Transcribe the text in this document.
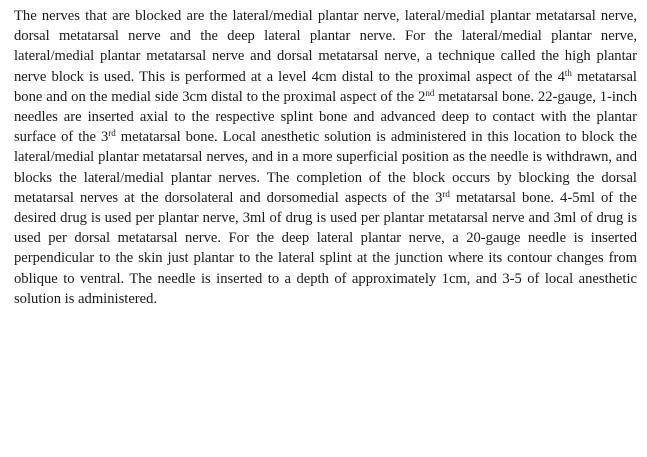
The nerves that are blocked are the lateral/medial plantar nerve, lateral/medial plantar metatarsal nerve, dorsal metatarsal nerve and the deep lateral plantar nerve. For the lateral/medial plantar nerve, lateral/medial plantar metatarsal nerve and dorsal metatarsal nerve, a technique called the high plantar nerve block is used. This is performed at a level 4cm distal to the proximal aspect of the 4th metatarsal bone and on the medial side 3cm distal to the proximal aspect of the 2nd metatarsal bone. 22-gauge, 1-inch needles are inserted axial to the respective splint bone and advanced deep to contact with the plantar surface of the 3rd metatarsal bone. Local anesthetic solution is administered in this location to block the lateral/medial plantar metatarsal nerves, and in a more superficial position as the needle is withdrawn, and blocks the lateral/medial plantar nerves. The completion of the block occurs by blocking the dorsal metatarsal nerves at the dorsolateral and dorsomedial aspects of the 3rd metatarsal bone. 4-5ml of the desired drug is used per plantar nerve, 3ml of drug is used per plantar metatarsal nerve and 3ml of drug is used per dorsal metatarsal nerve. For the deep lateral plantar nerve, a 20-gauge needle is inserted perpendicular to the skin just plantar to the lateral splint at the junction where its contour changes from oblique to ventral. The needle is inserted to a depth of approximately 1cm, and 3-5 of local anesthetic solution is administered.
